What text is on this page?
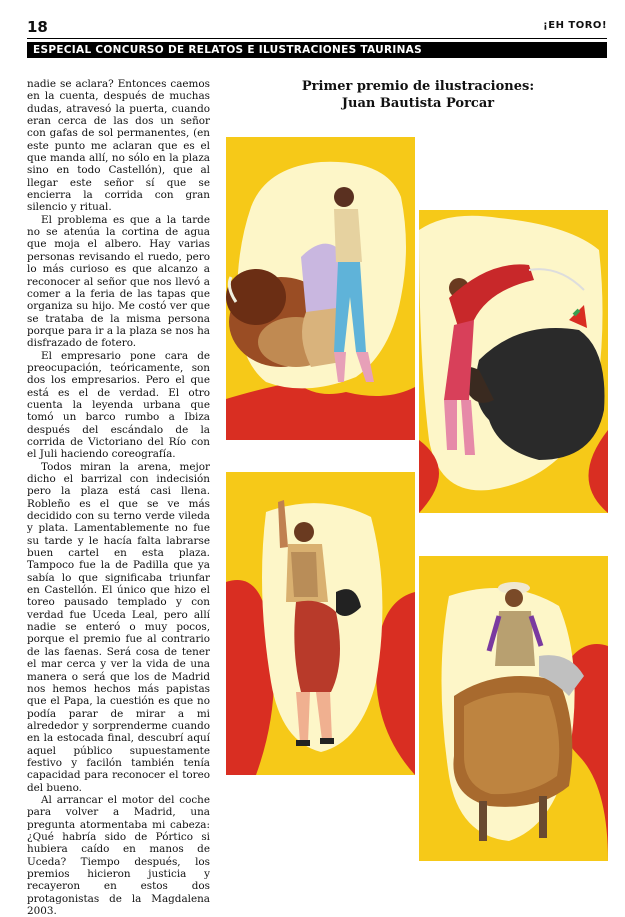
18	¡EH TORO!
ESPECIAL CONCURSO DE RELATOS E ILUSTRACIONES TAURINAS

nadie se aclara? Entonces caemos en la cuenta, después de muchas dudas, atravesó la puerta, cuando eran cerca de las dos un señor con gafas de sol permanentes, (en este punto me aclaran que es el que manda allí, no sólo en la plaza sino en todo Castellón), que al llegar este señor sí que se encierra la corrida con gran silencio y ritual.

El problema es que a la tarde no se atenúa la cortina de agua que moja el albero. Hay varias personas revisando el ruedo, pero lo más curioso es que alcanzo a reconocer al señor que nos llevó a comer a la feria de las tapas que organiza su hijo. Me costó ver que se trataba de la misma persona porque para ir a la plaza se nos ha disfrazado de fotero.

El empresario pone cara de preocupación, teóricamente, son dos los empresarios. Pero el que está es el de verdad. El otro cuenta la leyenda urbana que tomó un barco rumbo a Ibiza después del escándalo de la corrida de Victoriano del Río con el Juli haciendo coreografía.

Todos miran la arena, mejor dicho el barrizal con indecisión pero la plaza está casi llena. Robleño es el que se ve más decidido con su terno verde vileda y plata. Lamentablemente no fue su tarde y le hacía falta labrarse buen cartel en esta plaza. Tampoco fue la de Padilla que ya sabía lo que significaba triunfar en Castellón. El único que hizo el toreo pausado templado y con verdad fue Uceda Leal, pero allí nadie se enteró o muy pocos, porque el premio fue al contrario de las faenas. Será cosa de tener el mar cerca y ver la vida de una manera o será que los de Madrid nos hemos hechos más papistas que el Papa, la cuestión es que no podía parar de mirar a mi alrededor y sorprenderme cuando en la estocada final, descubrí aquí aquel público supuestamente festivo y facilón también tenía capacidad para reconocer el toreo del bueno.

Al arrancar el motor del coche para volver a Madrid, una pregunta atormentaba mi cabeza: ¿Qué habría sido de Pórtico si hubiera caído en manos de Uceda? Tiempo después, los premios hicieron justicia y recayeron en estos dos protagonistas de la Magdalena 2003.

Primer premio de ilustraciones:
Juan Bautista Porcar
